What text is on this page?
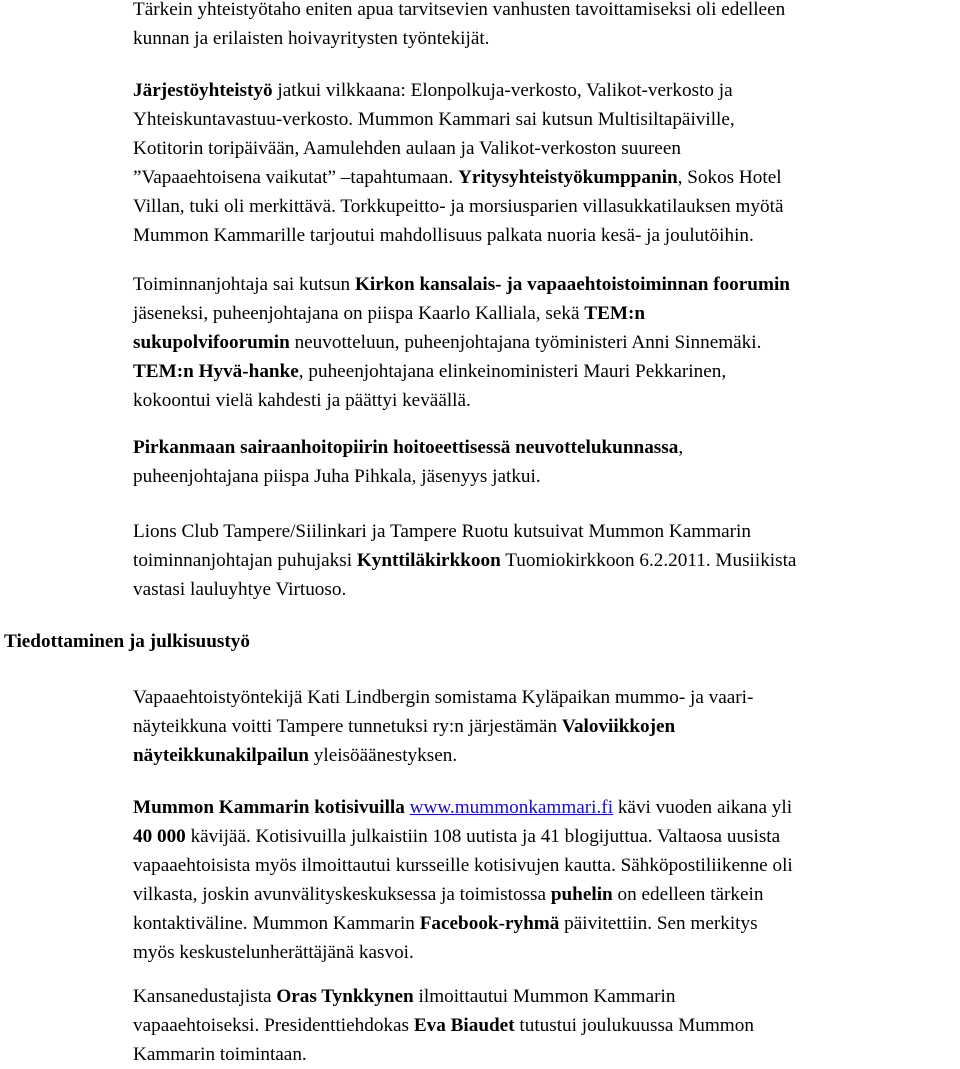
Tärkein yhteistyötaho eniten apua tarvitsevien vanhusten tavoittamiseksi oli edelleen
kunnan ja erilaisten hoivayritysten työntekijät.
Järjestöyhteistyö jatkui vilkkaana: Elonpolkuja-verkosto, Valikot-verkosto ja
Yhteiskuntavastuu-verkosto. Mummon Kammari sai kutsun Multisiltapäiville,
Kotitorin toripäivään, Aamulehden aulaan ja Valikot-verkoston suureen
”Vapaaehtoisena vaikutat” –tapahtumaan. Yritysyhteistyökumppanin, Sokos Hotel
Villan, tuki oli merkittävä. Torkkupeitto- ja morsiusparien villasukkatilauksen myötä
Mummon Kammarille tarjoutui mahdollisuus palkata nuoria kesä- ja joulutöihin.
Toiminnanjohtaja sai kutsun Kirkon kansalais- ja vapaaehtoistoiminnan foorumin
jäseneksi, puheenjohtajana on piispa Kaarlo Kalliala, sekä TEM:n
sukupolvifoorumin neuvotteluun, puheenjohtajana työministeri Anni Sinnemäki.
TEM:n Hyvä-hanke, puheenjohtajana elinkeinoministeri Mauri Pekkarinen,
kokoontui vielä kahdesti ja päättyi keväällä.
Pirkanmaan sairaanhoitopiirin hoitoeettisessä neuvottelukunnassa,
puheenjohtajana piispa Juha Pihkala, jäsenyys jatkui.
Lions Club Tampere/Siilinkari ja Tampere Ruotu kutsuivat Mummon Kammarin
toiminnanjohtajan puhujaksi Kynttiläkirkkoon Tuomiokirkkoon 6.2.2011. Musiikista
vastasi lauluyhtye Virtuoso.
Tiedottaminen ja julkisuustyö
Vapaaehtoistyöntekijä Kati Lindbergin somistama Kyläpaikan mummo- ja vaari-
näyteikkuna voitti Tampere tunnetuksi ry:n järjestämän Valoviikkojen
näyteikkunakilpailun yleisöäänestyksen.
Mummon Kammarin kotisivuilla www.mummonkammari.fi kävi vuoden aikana yli
40 000 kävijää. Kotisivuilla julkaistiin 108 uutista ja 41 blogijuttua. Valtaosa uusista
vapaaehtoisista myös ilmoittautui kursseille kotisivujen kautta. Sähköpostiliikenne oli
vilkasta, joskin avunvälityskeskuksessa ja toimistossa puhelin on edelleen tärkein
kontaktiväline. Mummon Kammarin Facebook-ryhmä päivitettiin. Sen merkitys
myös keskustelunherättäjänä kasvoi.
Kansanedustajista Oras Tynkkynen ilmoittautui Mummon Kammarin
vapaaehtoiseksi. Presidenttiehdokas Eva Biaudet tutustui joulukuussa Mummon
Kammarin toimintaan.
